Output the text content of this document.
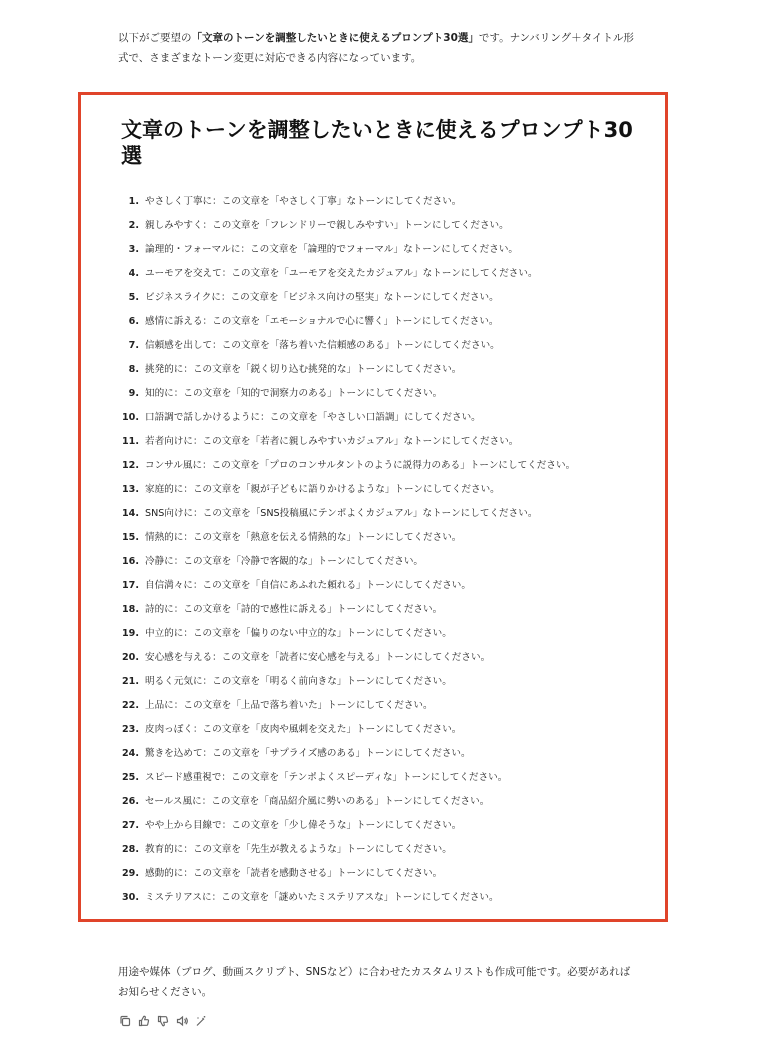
以下がご要望の「文章のトーンを調整したいときに使えるプロンプト30選」です。ナンバリング＋タイトル形式で、さまざまなトーン変更に対応できる内容になっています。
文章のトーンを調整したいときに使えるプロンプト30選
1. やさしく丁寧に：この文章を「やさしく丁寧」なトーンにしてください。
2. 親しみやすく：この文章を「フレンドリーで親しみやすい」トーンにしてください。
3. 論理的・フォーマルに：この文章を「論理的でフォーマル」なトーンにしてください。
4. ユーモアを交えて：この文章を「ユーモアを交えたカジュアル」なトーンにしてください。
5. ビジネスライクに：この文章を「ビジネス向けの堅実」なトーンにしてください。
6. 感情に訴える：この文章を「エモーショナルで心に響く」トーンにしてください。
7. 信頼感を出して：この文章を「落ち着いた信頼感のある」トーンにしてください。
8. 挑発的に：この文章を「鋭く切り込む挑発的な」トーンにしてください。
9. 知的に：この文章を「知的で洞察力のある」トーンにしてください。
10. 口語調で話しかけるように：この文章を「やさしい口語調」にしてください。
11. 若者向けに：この文章を「若者に親しみやすいカジュアル」なトーンにしてください。
12. コンサル風に：この文章を「プロのコンサルタントのように説得力のある」トーンにしてください。
13. 家庭的に：この文章を「親が子どもに語りかけるような」トーンにしてください。
14. SNS向けに：この文章を「SNS投稿風にテンポよくカジュアル」なトーンにしてください。
15. 情熱的に：この文章を「熱意を伝える情熱的な」トーンにしてください。
16. 冷静に：この文章を「冷静で客観的な」トーンにしてください。
17. 自信満々に：この文章を「自信にあふれた頼れる」トーンにしてください。
18. 詩的に：この文章を「詩的で感性に訴える」トーンにしてください。
19. 中立的に：この文章を「偏りのない中立的な」トーンにしてください。
20. 安心感を与える：この文章を「読者に安心感を与える」トーンにしてください。
21. 明るく元気に：この文章を「明るく前向きな」トーンにしてください。
22. 上品に：この文章を「上品で落ち着いた」トーンにしてください。
23. 皮肉っぽく：この文章を「皮肉や風刺を交えた」トーンにしてください。
24. 驚きを込めて：この文章を「サプライズ感のある」トーンにしてください。
25. スピード感重視で：この文章を「テンポよくスピーディな」トーンにしてください。
26. セールス風に：この文章を「商品紹介風に勢いのある」トーンにしてください。
27. やや上から目線で：この文章を「少し偉そうな」トーンにしてください。
28. 教育的に：この文章を「先生が教えるような」トーンにしてください。
29. 感動的に：この文章を「読者を感動させる」トーンにしてください。
30. ミステリアスに：この文章を「謎めいたミステリアスな」トーンにしてください。
用途や媒体（ブログ、動画スクリプト、SNSなど）に合わせたカスタムリストも作成可能です。必要があればお知らせください。
